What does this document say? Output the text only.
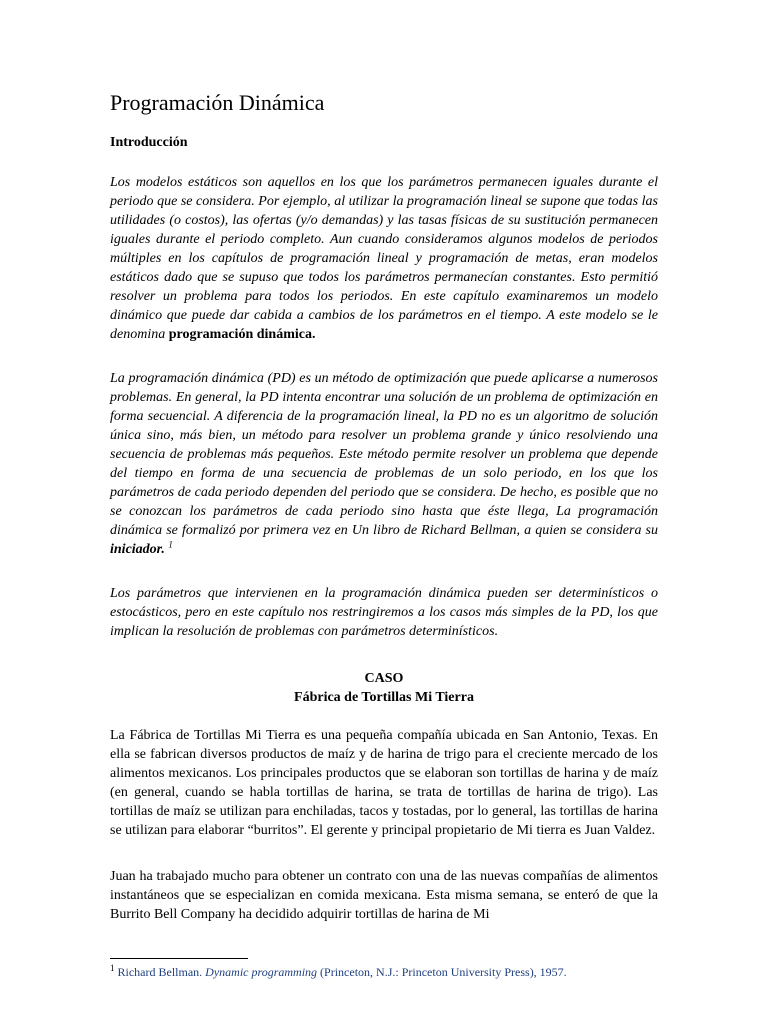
Programación Dinámica
Introducción

Los modelos estáticos son aquellos en los que los parámetros permanecen iguales durante el periodo que se considera. Por ejemplo, al utilizar la programación lineal se supone que todas las utilidades (o costos), las ofertas (y/o demandas) y las tasas físicas de su sustitución permanecen iguales durante el periodo completo. Aun cuando consideramos algunos modelos de periodos múltiples en los capítulos de programación lineal y programación de metas, eran modelos estáticos dado que se supuso que todos los parámetros permanecían constantes. Esto permitió resolver un problema para todos los periodos. En este capítulo examinaremos un modelo dinámico que puede dar cabida a cambios de los parámetros en el tiempo. A este modelo se le denomina programación dinámica.

La programación dinámica (PD) es un método de optimización que puede aplicarse a numerosos problemas. En general, la PD intenta encontrar una solución de un problema de optimización en forma secuencial. A diferencia de la programación lineal, la PD no es un algoritmo de solución única sino, más bien, un método para resolver un problema grande y único resolviendo una secuencia de problemas más pequeños. Este método permite resolver un problema que depende del tiempo en forma de una secuencia de problemas de un solo periodo, en los que los parámetros de cada periodo dependen del periodo que se considera. De hecho, es posible que no se conozcan los parámetros de cada periodo sino hasta que éste llega, La programación dinámica se formalizó por primera vez en Un libro de Richard Bellman, a quien se considera su iniciador. $^1$

Los parámetros que intervienen en la programación dinámica pueden ser determinísticos o estocásticos, pero en este capítulo nos restringiremos a los casos más simples de la PD, los que implican la resolución de problemas con parámetros determinísticos.

CASO
Fábrica de Tortillas Mi Tierra

La Fábrica de Tortillas Mi Tierra es una pequeña compañía ubicada en San Antonio, Texas. En ella se fabrican diversos productos de maíz y de harina de trigo para el creciente mercado de los alimentos mexicanos. Los principales productos que se elaboran son tortillas de harina y de maíz (en general, cuando se habla tortillas de harina, se trata de tortillas de harina de trigo). Las tortillas de maíz se utilizan para enchiladas, tacos y tostadas, por lo general, las tortillas de harina se utilizan para elaborar “burritos”. El gerente y principal propietario de Mi tierra es Juan Valdez.

Juan ha trabajado mucho para obtener un contrato con una de las nuevas compañías de alimentos instantáneos que se especializan en comida mexicana. Esta misma semana, se enteró de que la Burrito Bell Company ha decidido adquirir tortillas de harina de Mi

$^1$ Richard Bellman. Dynamic programming (Princeton, N.J.: Princeton University Press), 1957.
